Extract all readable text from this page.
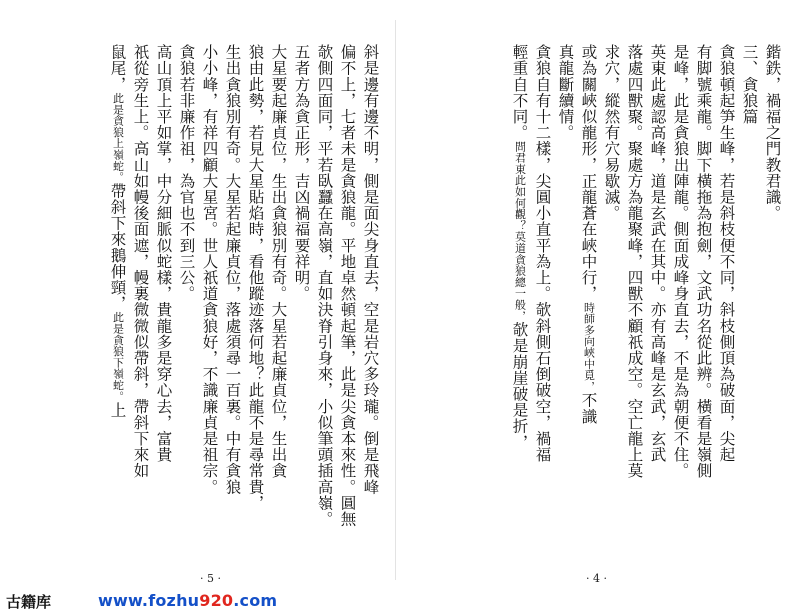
鍇鉄，禍福之門教君識。
三、貪狼篇
貪狼頓起笋生峰，若是斜枝便不同，斜枝側頂為破面，尖起
有脚號乘龍。脚下橫拖為抱劍，文武功名從此辨。橫看是嶺側
是峰，此是貪狼出陣龍。側面成峰身直去，不是為朝便不住。
英東此處認高峰，道是玄武在其中。亦有高峰是玄武，玄武
落處四獸聚。聚處方為龍聚峰，四獸不顧祇成空。空亡龍上莫
求穴，縱然有穴易歇滅。
或為關峽似龍形，正龍蒼在峽中行，時師多向峽中覓，不識
真龍斷續情。
貪狼自有十二樣，尖圓小直平為上。欹斜側石倒破空，禍福
輕重自不同。問君東此如何觀？莫道貪狼總一般，欹是崩崖破是折，
· 4 ·
斜是邊有邊不明，側是面尖身直去，空是岩穴多玲瓏。倒是飛峰
偏不上，七者未是貪狼龍。平地卓然頓起筆，此是尖貪本來性。圓無
欹側四面同，平若臥蠶在高嶺，直如決脊引身來，小似筆頭插高嶺。
五者方為貪正形，吉凶禍福要祥明。
大星要起廉貞位，生出貪狼別有奇。大星若起廉貞位，生出貪
狼由此勢，若見大星貼焰時，看他蹤迹落何地？此龍不是尋常貴，
生出貪狼別有奇。大星若起廉貞位，落處須尋一百裏。中有貪狼
小小峰，有祥四顧大星宮。世人祇道貪狼好，不識廉貞是祖宗。
貪狼若非廉作祖，為官也不到三公。
高山頂上平如掌，中分細脈似蛇樣，貴龍多是穿心去，富貴
祇從旁生上。高山如幔後面遮，幔裏微微似帶斜，帶斜下來如
鼠尾，此是貪狼上嶺蛇。帶斜下來鵝伸頸，此是貪狼下嶺蛇。上
· 5 ·
古籍库	www.fozhu920.com
